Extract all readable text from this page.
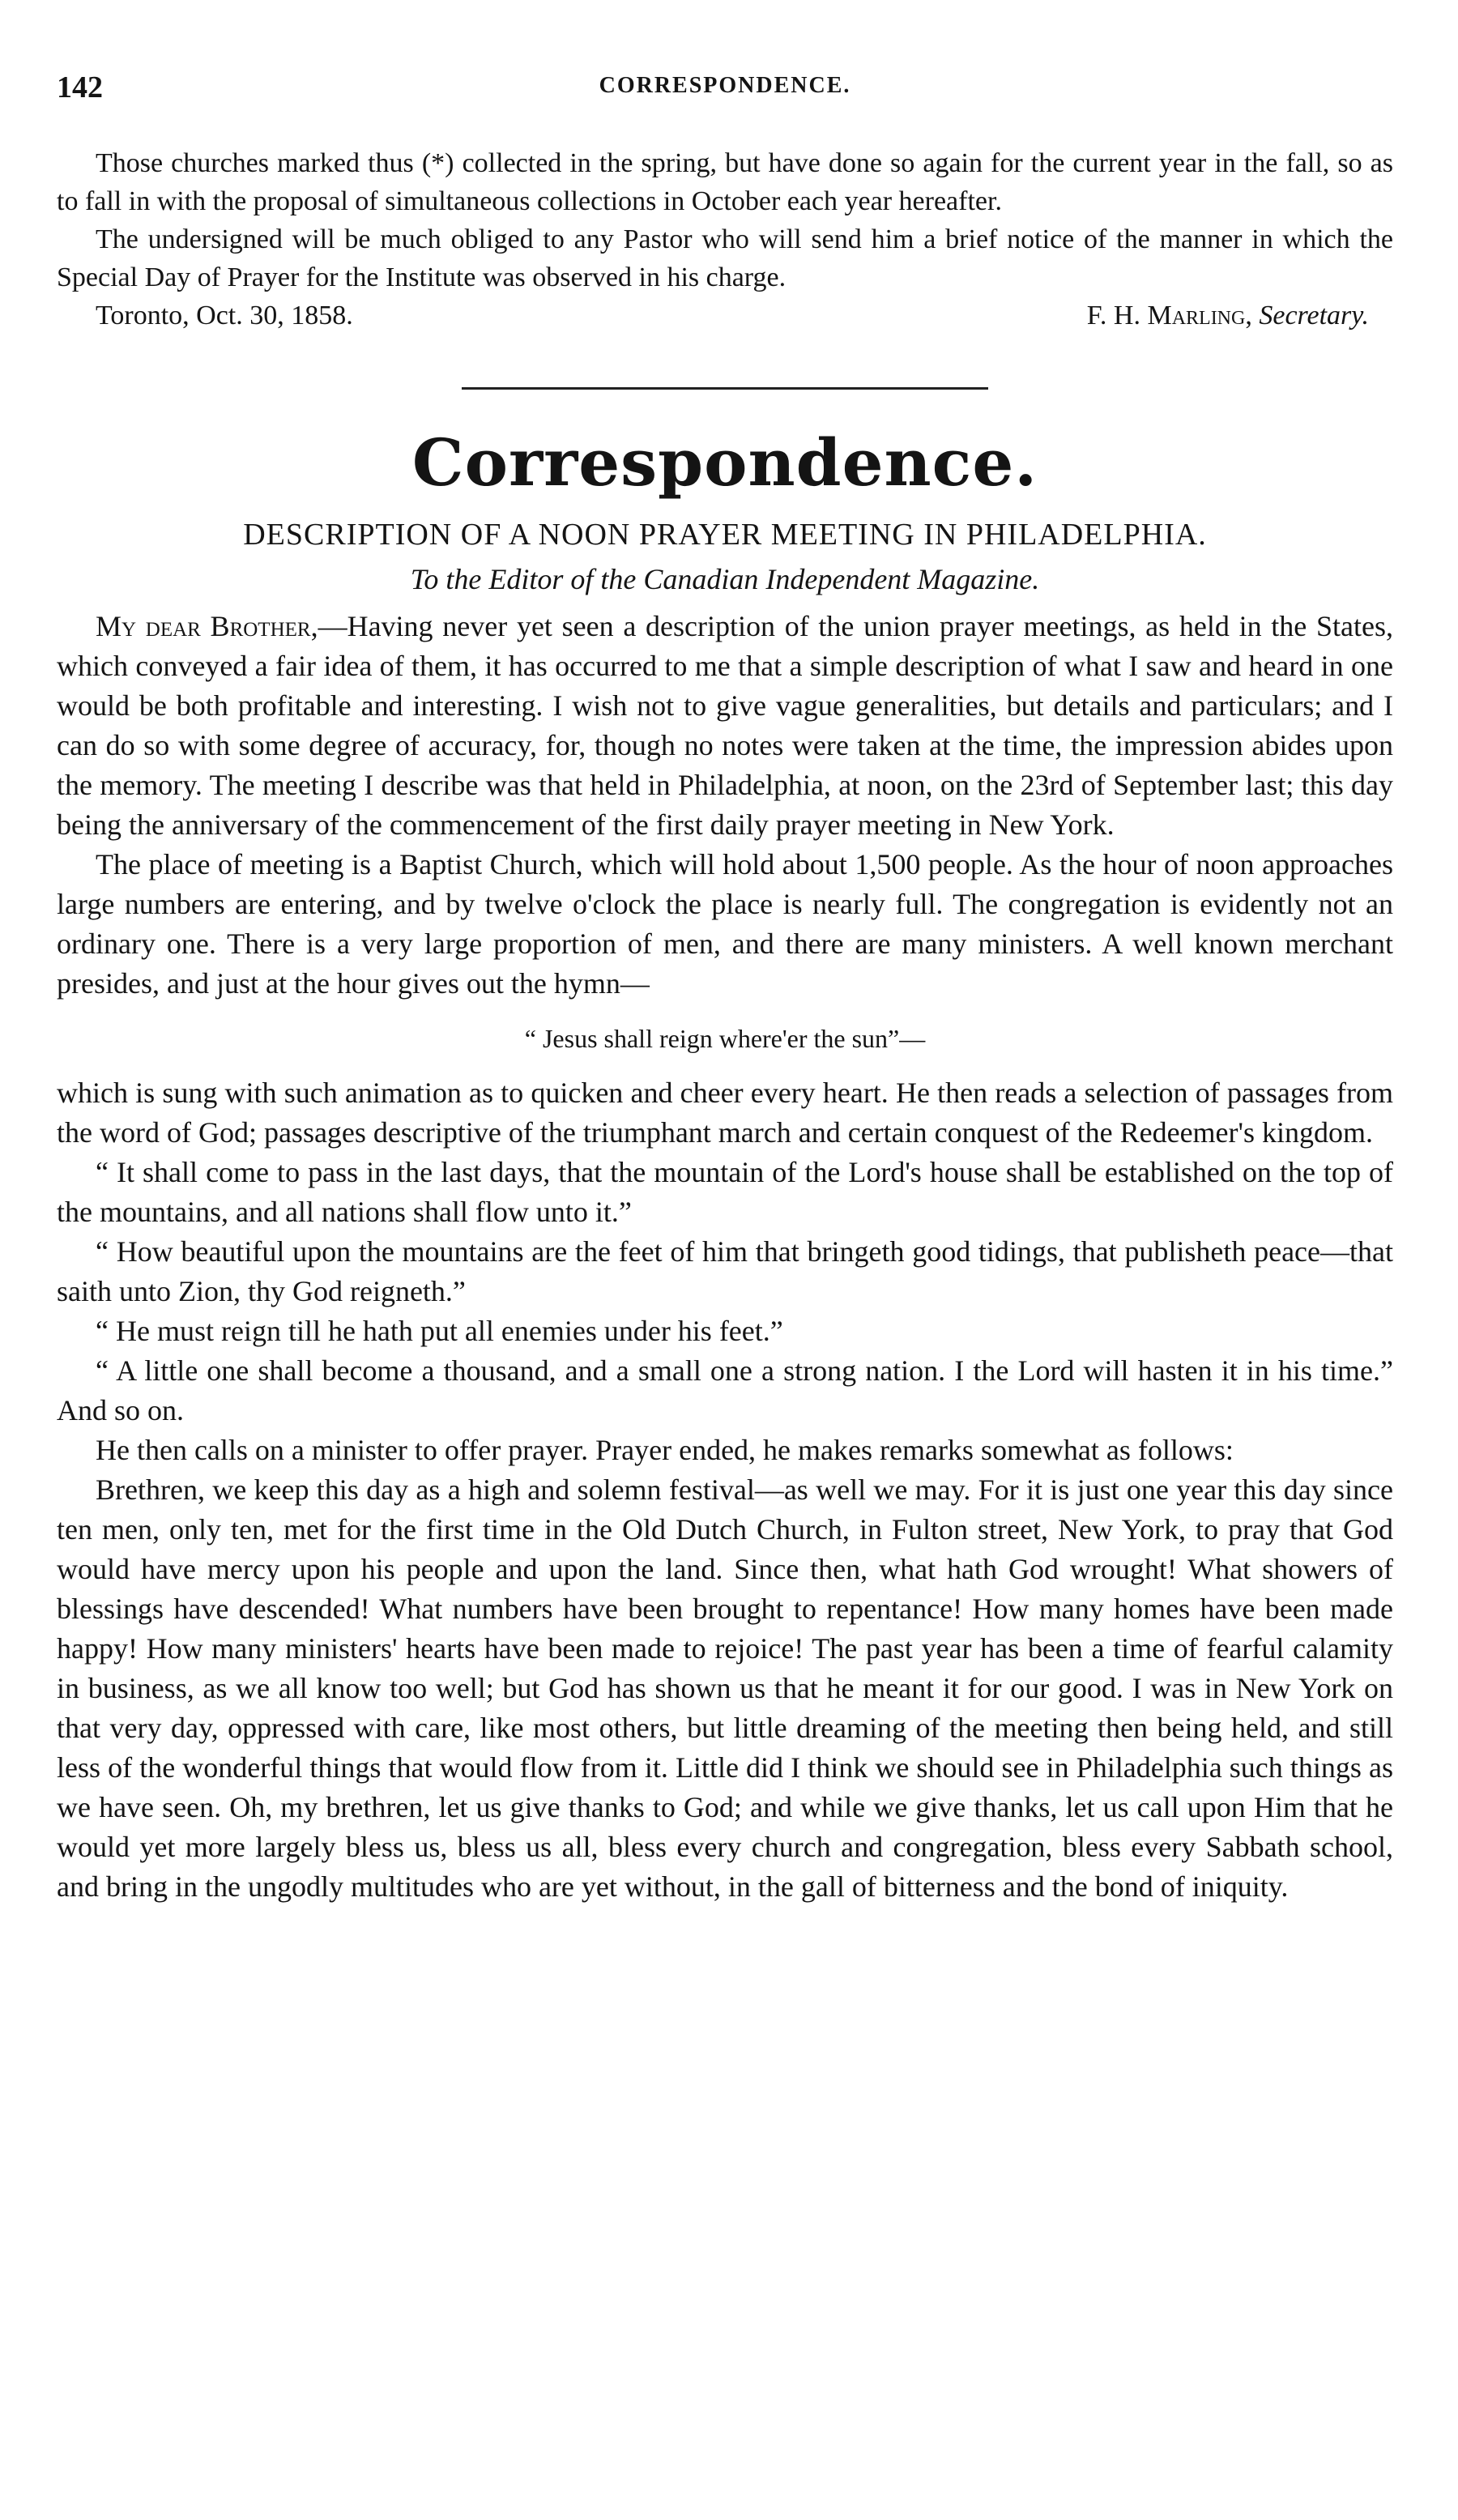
142	CORRESPONDENCE.

Those churches marked thus (*) collected in the spring, but have done so again for the current year in the fall, so as to fall in with the proposal of simultaneous collections in October each year hereafter.

The undersigned will be much obliged to any Pastor who will send him a brief notice of the manner in which the Special Day of Prayer for the Institute was observed in his charge.

Toronto, Oct. 30, 1858.	F. H. Marling, Secretary.
Correspondence.
DESCRIPTION OF A NOON PRAYER MEETING IN PHILADELPHIA.
To the Editor of the Canadian Independent Magazine.

My dear Brother,—Having never yet seen a description of the union prayer meetings, as held in the States, which conveyed a fair idea of them, it has occurred to me that a simple description of what I saw and heard in one would be both profitable and interesting. I wish not to give vague generalities, but details and particulars; and I can do so with some degree of accuracy, for, though no notes were taken at the time, the impression abides upon the memory. The meeting I describe was that held in Philadelphia, at noon, on the 23rd of September last; this day being the anniversary of the commencement of the first daily prayer meeting in New York.

The place of meeting is a Baptist Church, which will hold about 1,500 people. As the hour of noon approaches large numbers are entering, and by twelve o'clock the place is nearly full. The congregation is evidently not an ordinary one. There is a very large proportion of men, and there are many ministers. A well known merchant presides, and just at the hour gives out the hymn—

“ Jesus shall reign where'er the sun”—

which is sung with such animation as to quicken and cheer every heart. He then reads a selection of passages from the word of God; passages descriptive of the triumphant march and certain conquest of the Redeemer's kingdom.

“ It shall come to pass in the last days, that the mountain of the Lord's house shall be established on the top of the mountains, and all nations shall flow unto it.”

“ How beautiful upon the mountains are the feet of him that bringeth good tidings, that publisheth peace—that saith unto Zion, thy God reigneth.”

“ He must reign till he hath put all enemies under his feet.”

“ A little one shall become a thousand, and a small one a strong nation. I the Lord will hasten it in his time.” And so on.

He then calls on a minister to offer prayer. Prayer ended, he makes remarks somewhat as follows:

Brethren, we keep this day as a high and solemn festival—as well we may. For it is just one year this day since ten men, only ten, met for the first time in the Old Dutch Church, in Fulton street, New York, to pray that God would have mercy upon his people and upon the land. Since then, what hath God wrought! What showers of blessings have descended! What numbers have been brought to repentance! How many homes have been made happy! How many ministers' hearts have been made to rejoice! The past year has been a time of fearful calamity in business, as we all know too well; but God has shown us that he meant it for our good. I was in New York on that very day, oppressed with care, like most others, but little dreaming of the meeting then being held, and still less of the wonderful things that would flow from it. Little did I think we should see in Philadelphia such things as we have seen. Oh, my brethren, let us give thanks to God; and while we give thanks, let us call upon Him that he would yet more largely bless us, bless us all, bless every church and congregation, bless every Sabbath school, and bring in the ungodly multitudes who are yet without, in the gall of bitterness and the bond of iniquity.
